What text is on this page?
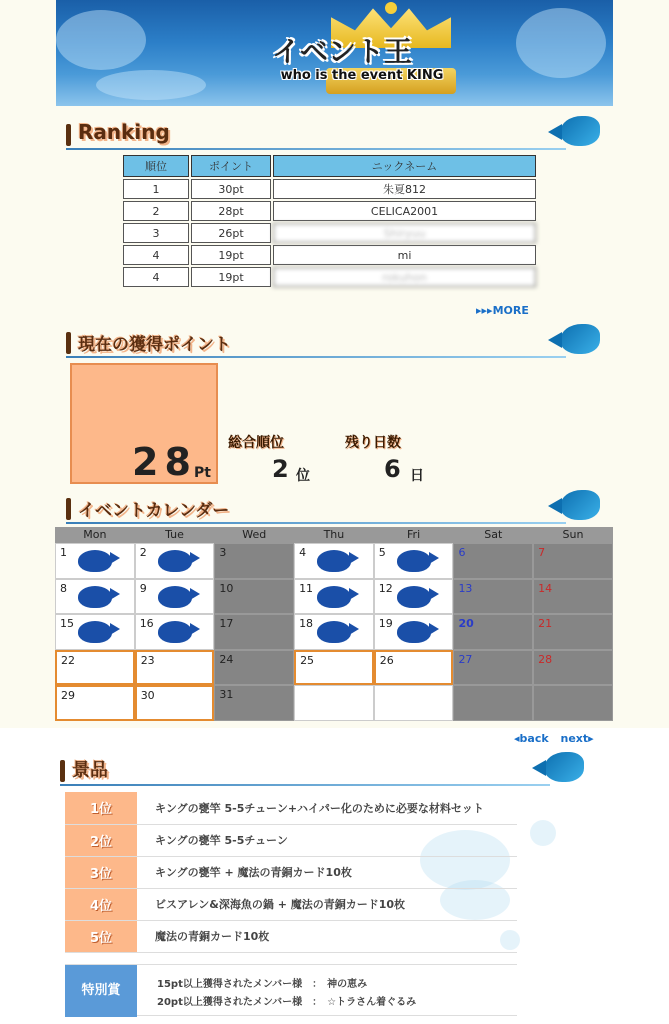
イベント王
who is the event KING
Ranking
順位	ポイント	ニックネーム
1	30pt	朱夏812
2	28pt	CELICA2001
3	26pt	Shiryuu
4	19pt	mi
4	19pt	rokuhon
▸▸▸MORE
現在の獲得ポイント
28
Pt
総合順位
2 位
残り日数
6 日
イベントカレンダー
Mon	Tue	Wed	Thu	Fri	Sat	Sun
1	2	3	4	5	6	7
8	9	10	11	12	13	14
15	16	17	18	19	20	21
22	23	24	25	26	27	28
29	30	31
◂back next▸
景品
1位	キングの甕竿 5-5チューン+ハイパー化のために必要な材料セット
2位	キングの甕竿 5-5チューン
3位	キングの甕竿 + 魔法の青銅カード10枚
4位	ビスアレン&深海魚の鍋 + 魔法の青銅カード10枚
5位	魔法の青銅カード10枚
特別賞	15pt以上獲得されたメンバー様　：　神の恵み
20pt以上獲得されたメンバー様　：　☆トラさん着ぐるみ
